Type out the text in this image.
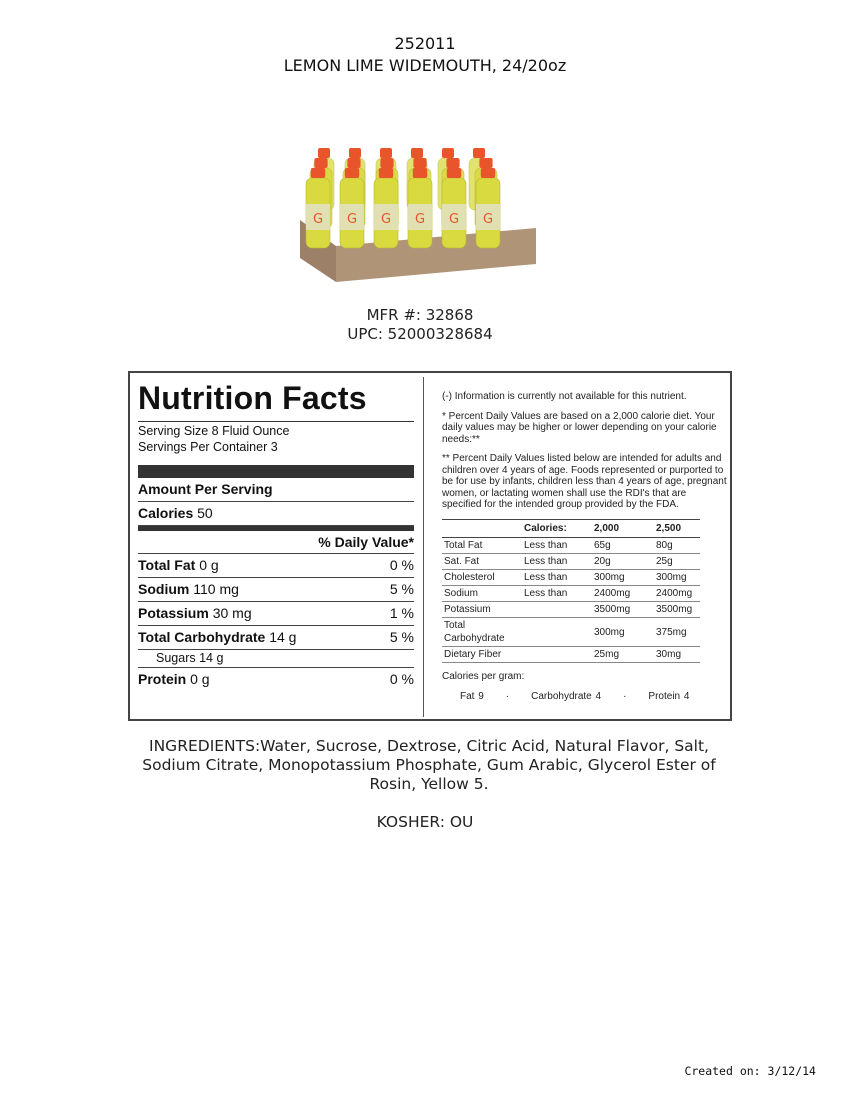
252011
LEMON LIME WIDEMOUTH, 24/20oz
G G G G G G
MFR #: 32868
UPC: 52000328684
Nutrition Facts
Serving Size 8 Fluid Ounce
Servings Per Container 3
Amount Per Serving
Calories 50
% Daily Value*
Total Fat 0 g	0 %
Sodium 110 mg	5 %
Potassium 30 mg	1 %
Total Carbohydrate 14 g	5 %
Sugars 14 g
Protein 0 g	0 %

(-) Information is currently not available for this nutrient.

* Percent Daily Values are based on a 2,000 calorie diet. Your daily values may be higher or lower depending on your calorie needs:**

** Percent Daily Values listed below are intended for adults and children over 4 years of age. Foods represented or purported to be for use by infants, children less than 4 years of age, pregnant women, or lactating women shall use the RDI's that are specified for the intended group provided by the FDA.

	Calories:	2,000	2,500
Total Fat	Less than	65g	80g
Sat. Fat	Less than	20g	25g
Cholesterol	Less than	300mg	300mg
Sodium	Less than	2400mg	2400mg
Potassium		3500mg	3500mg
Total Carbohydrate		300mg	375mg
Dietary Fiber		25mg	30mg
Calories per gram:
Fat 9 · Carbohydrate 4 · Protein 4
INGREDIENTS:Water, Sucrose, Dextrose, Citric Acid, Natural Flavor, Salt, Sodium Citrate, Monopotassium Phosphate, Gum Arabic, Glycerol Ester of Rosin, Yellow 5.
KOSHER: OU
Created on: 3/12/14
